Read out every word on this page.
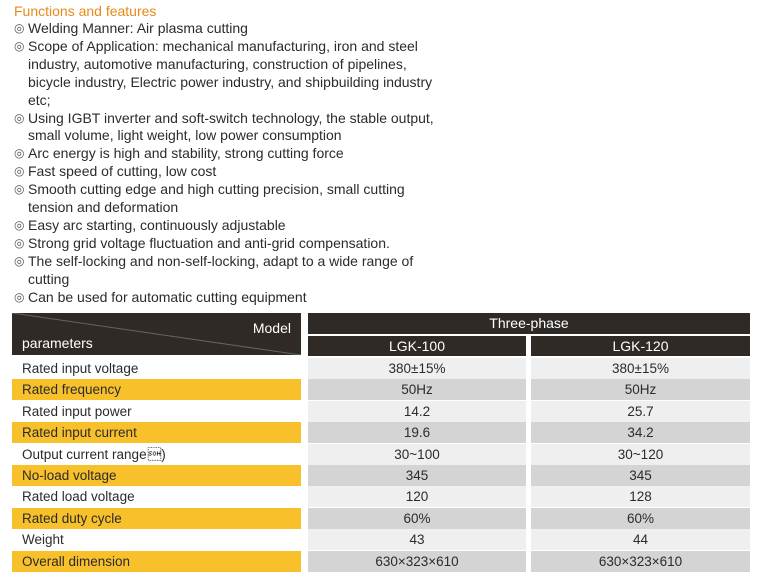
Functions and features
◎ Welding Manner: Air plasma cutting
◎ Scope of Application: mechanical manufacturing, iron and steel
industry, automotive manufacturing, construction of pipelines,
bicycle industry, Electric power industry, and shipbuilding industry
etc;
◎ Using IGBT inverter and soft-switch technology, the stable output,
small volume, light weight, low power consumption
◎ Arc energy is high and stability, strong cutting force
◎ Fast speed of cutting, low cost
◎ Smooth cutting edge and high cutting precision, small cutting
tension and deformation
◎ Easy arc starting, continuously adjustable
◎ Strong grid voltage fluctuation and anti-grid compensation.
◎ The self-locking and non-self-locking, adapt to a wide range of
cutting
◎ Can be used for automatic cutting equipment
Model
parameters
Three-phase
LGK-100	LGK-120
Rated input voltage	380±15%	380±15%
Rated frequency	50Hz	50Hz
Rated input power	14.2	25.7
Rated input current	19.6	34.2
Output current range )	30~100	30~120
No-load voltage	345	345
Rated load voltage	120	128
Rated duty cycle	60%	60%
Weight	43	44
Overall dimension	630×323×610	630×323×610
